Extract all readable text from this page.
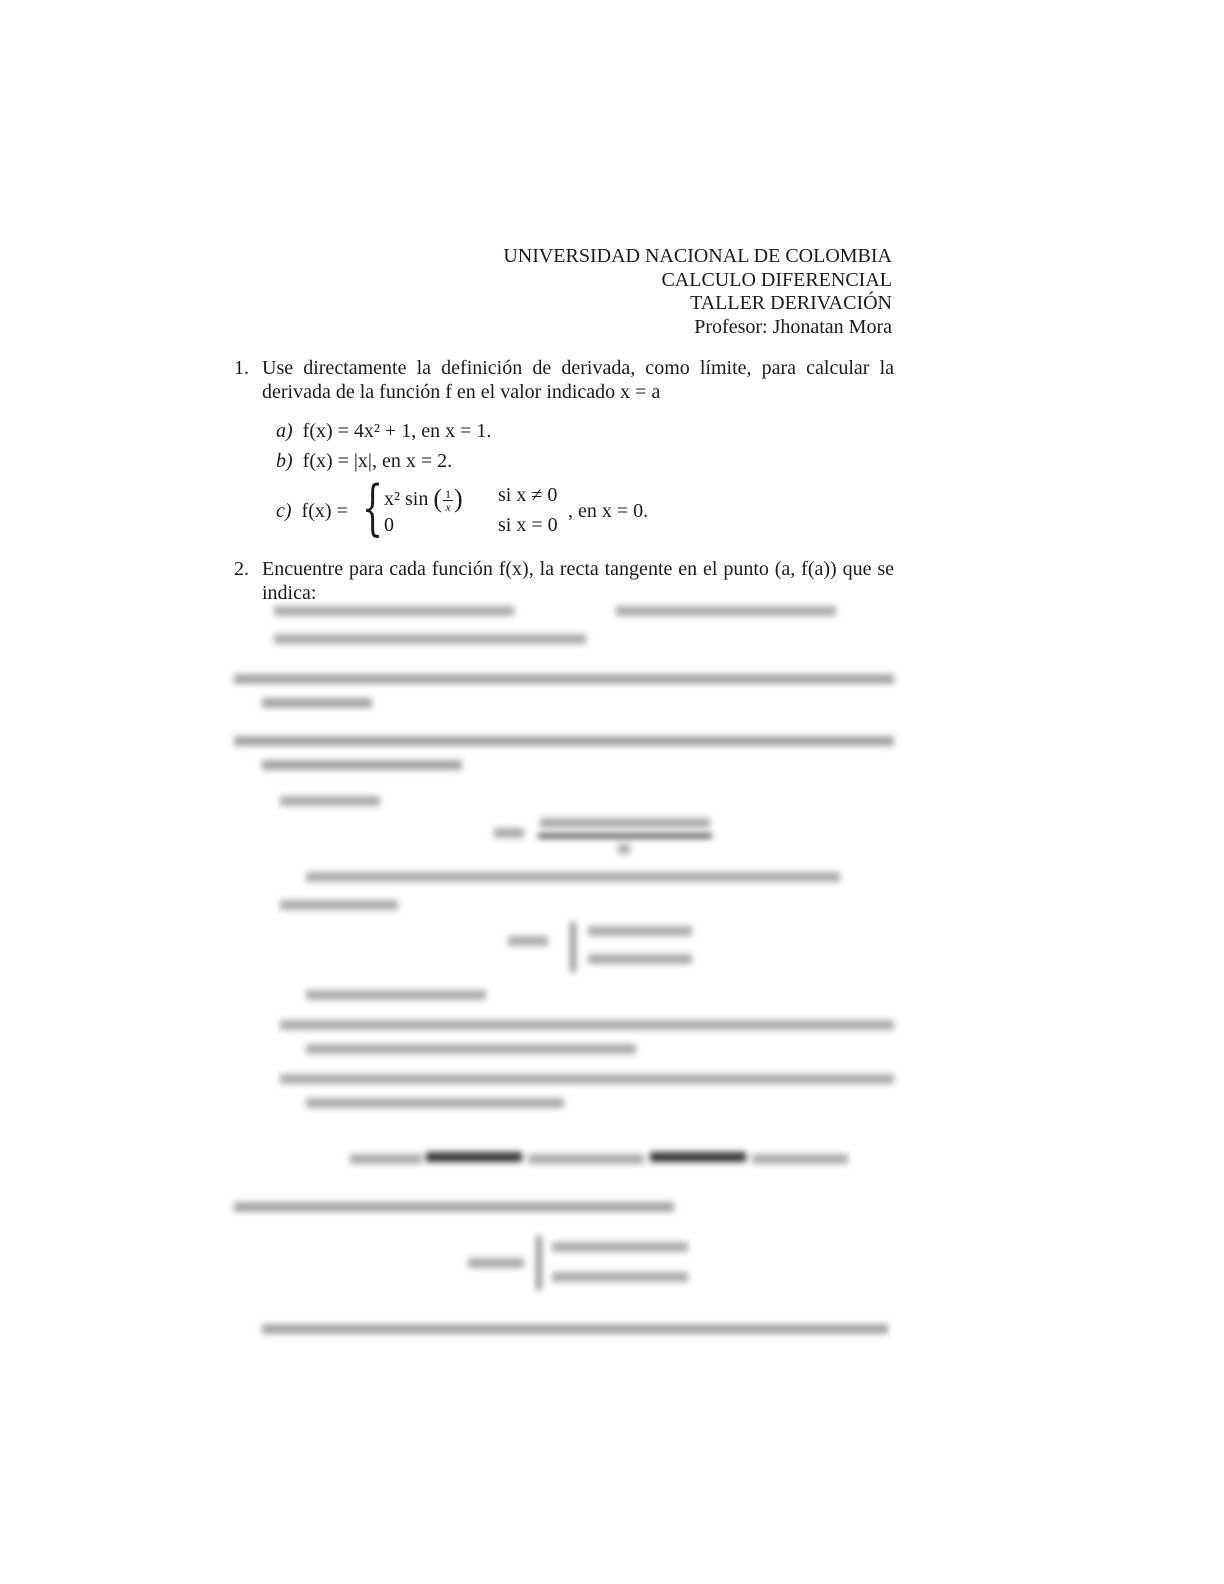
UNIVERSIDAD NACIONAL DE COLOMBIA
CALCULO DIFERENCIAL
TALLER DERIVACIÓN
Profesor: Jhonatan Mora
1. Use directamente la definición de derivada, como límite, para calcular la derivada de la función f en el valor indicado x = a
a) f(x) = 4x² + 1, en x = 1.
b) f(x) = |x|, en x = 2.
c) f(x) = { x² sin ( $\frac{1}{x}$ ) si x ≠ 0
0	si x = 0
, en x = 0.
2. Encuentre para cada función f(x), la recta tangente en el punto (a, f(a)) que se indica:
